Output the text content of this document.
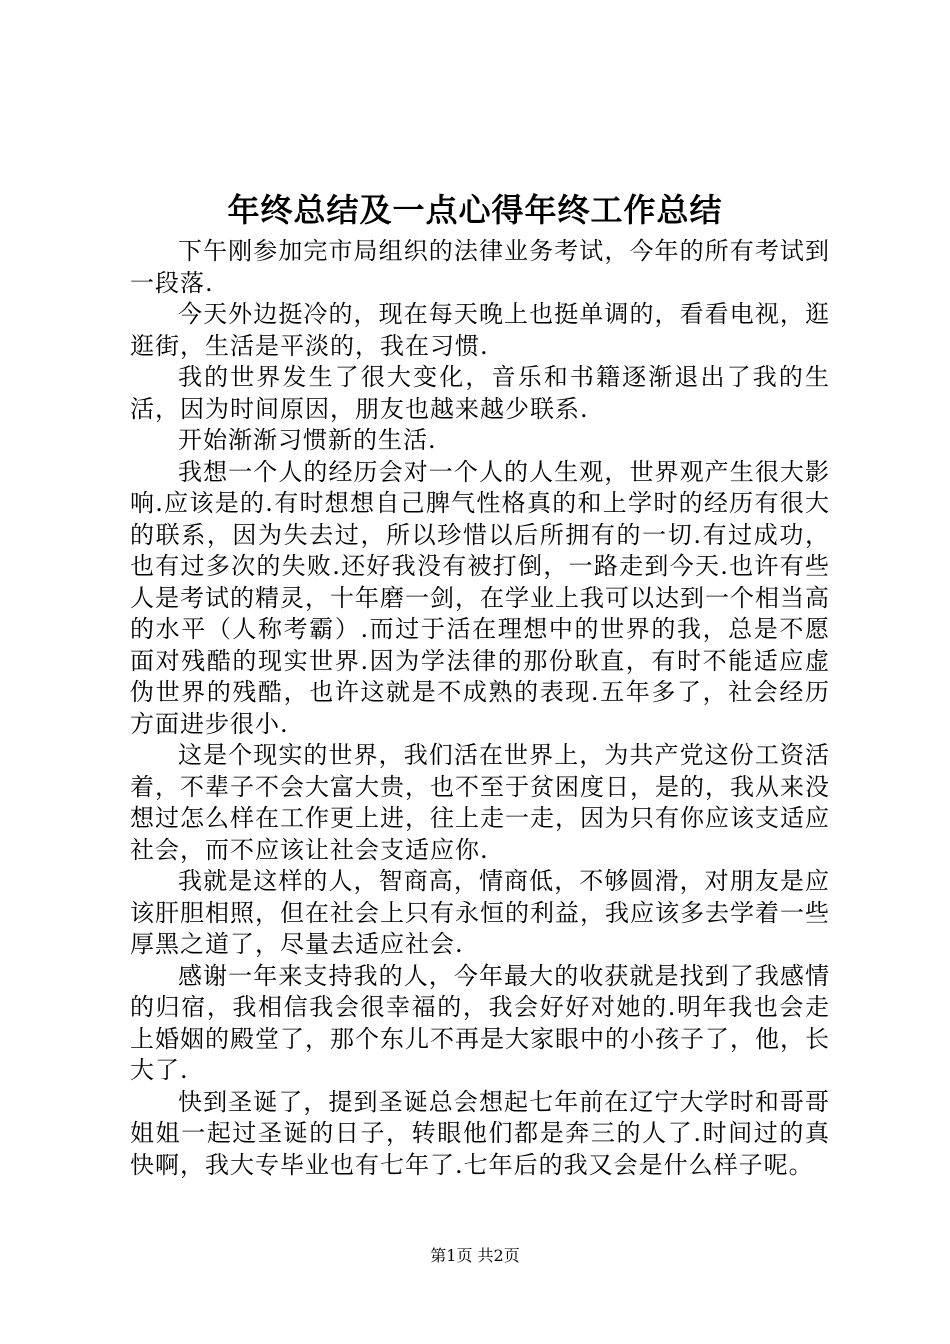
年终总结及一点心得年终工作总结

下午刚参加完市局组织的法律业务考试，今年的所有考试到一段落.

今天外边挺冷的，现在每天晚上也挺单调的，看看电视，逛逛街，生活是平淡的，我在习惯.

我的世界发生了很大变化，音乐和书籍逐渐退出了我的生活，因为时间原因，朋友也越来越少联系.

开始渐渐习惯新的生活.

我想一个人的经历会对一个人的人生观，世界观产生很大影响.应该是的.有时想想自己脾气性格真的和上学时的经历有很大的联系，因为失去过，所以珍惜以后所拥有的一切.有过成功，也有过多次的失败.还好我没有被打倒，一路走到今天.也许有些人是考试的精灵，十年磨一剑，在学业上我可以达到一个相当高的水平（人称考霸）.而过于活在理想中的世界的我，总是不愿面对残酷的现实世界.因为学法律的那份耿直，有时不能适应虚伪世界的残酷，也许这就是不成熟的表现.五年多了，社会经历方面进步很小.

这是个现实的世界，我们活在世界上，为共产党这份工资活着，不辈子不会大富大贵，也不至于贫困度日，是的，我从来没想过怎么样在工作更上进，往上走一走，因为只有你应该支适应社会，而不应该让社会支适应你.

我就是这样的人，智商高，情商低，不够圆滑，对朋友是应该肝胆相照，但在社会上只有永恒的利益，我应该多去学着一些厚黑之道了，尽量去适应社会.

感谢一年来支持我的人，今年最大的收获就是找到了我感情的归宿，我相信我会很幸福的，我会好好对她的.明年我也会走上婚姻的殿堂了，那个东儿不再是大家眼中的小孩子了，他，长大了.

快到圣诞了，提到圣诞总会想起七年前在辽宁大学时和哥哥姐姐一起过圣诞的日子，转眼他们都是奔三的人了.时间过的真快啊，我大专毕业也有七年了.七年后的我又会是什么样子呢。

第1页 共2页
